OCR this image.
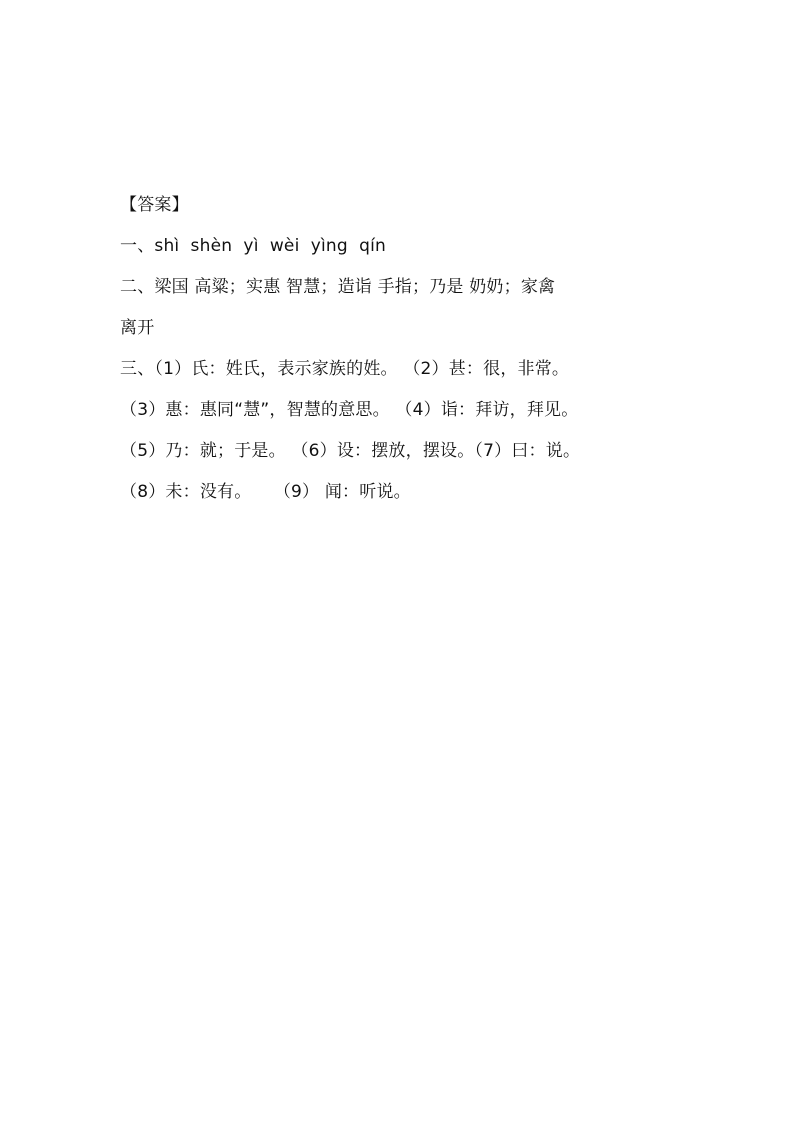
【答案】
一、shì  shèn  yì  wèi  yìng  qín
二、梁国 高粱；实惠 智慧；造诣 手指；乃是 奶奶；家禽
离开
三、（1）氏：姓氏，表示家族的姓。 （2）甚：很，非常。
（3）惠：惠同“慧”，智慧的意思。 （4）诣：拜访，拜见。
（5）乃：就；于是。 （6）设：摆放，摆设。（7）曰：说。
（8）未：没有。    （9） 闻：听说。
